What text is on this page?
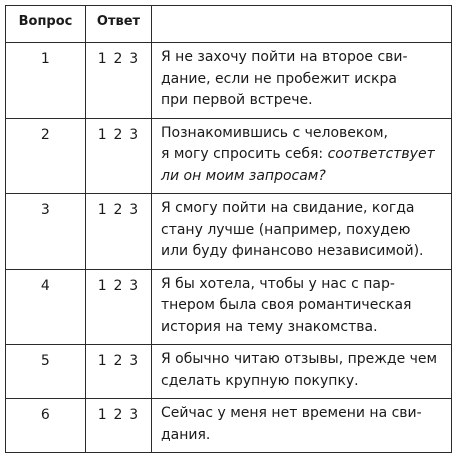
Вопрос	Ответ	
1	1 2 3	Я не захочу пойти на второе сви-
дание, если не пробежит искра
при первой встрече.
2	1 2 3	Познакомившись с человеком,
я могу спросить себя: соответствует
ли он моим запросам?
3	1 2 3	Я смогу пойти на свидание, когда
стану лучше (например, похудею
или буду финансово независимой).
4	1 2 3	Я бы хотела, чтобы у нас с пар-
тнером была своя романтическая
история на тему знакомства.
5	1 2 3	Я обычно читаю отзывы, прежде чем
сделать крупную покупку.
6	1 2 3	Сейчас у меня нет времени на сви-
дания.
